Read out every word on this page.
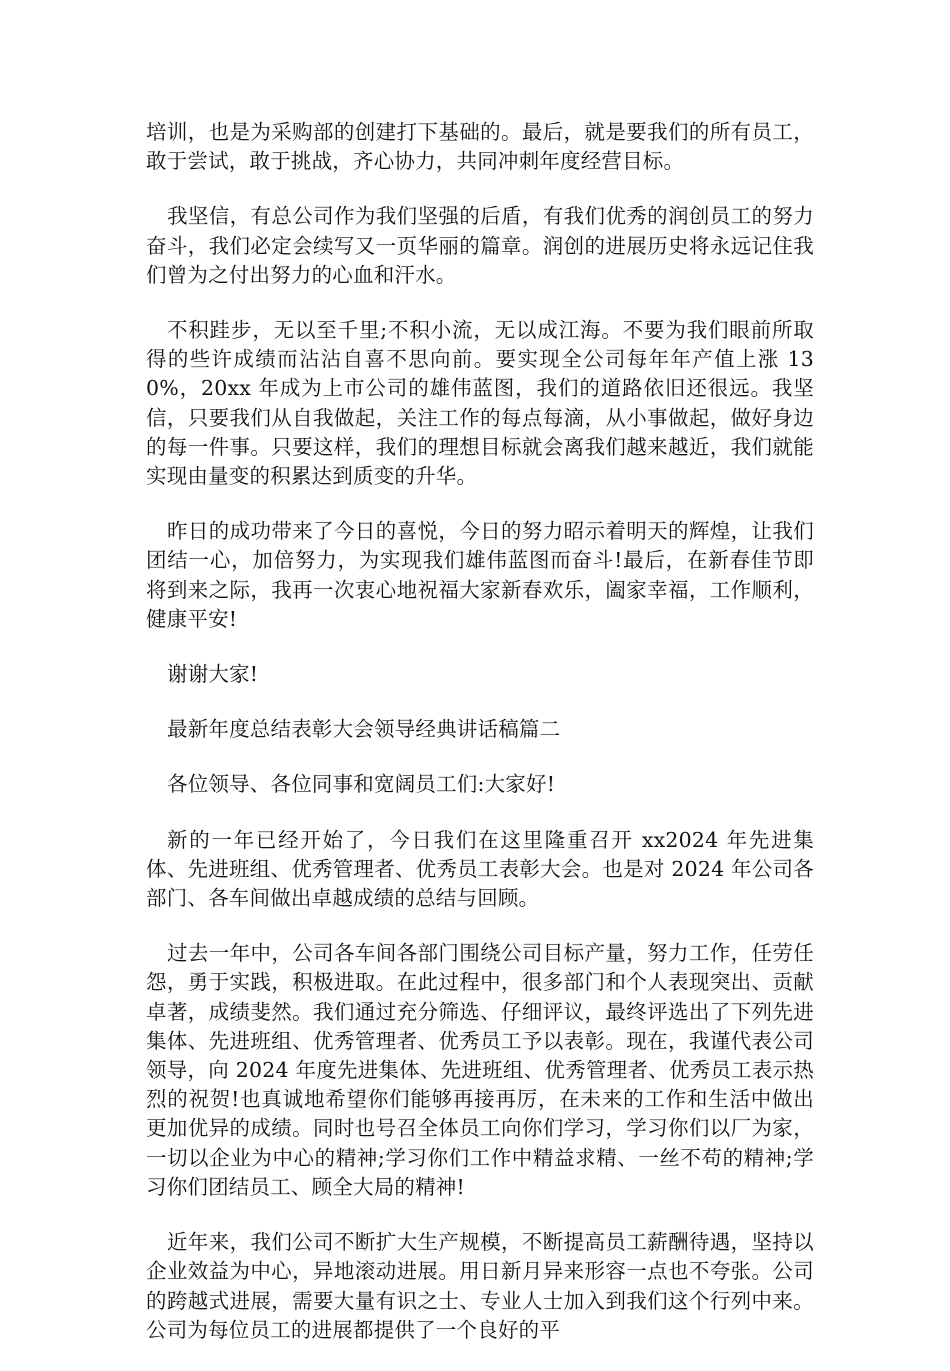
培训，也是为采购部的创建打下基础的。最后，就是要我们的所有员工，敢于尝试，敢于挑战，齐心协力，共同冲刺年度经营目标。

我坚信，有总公司作为我们坚强的后盾，有我们优秀的润创员工的努力奋斗，我们必定会续写又一页华丽的篇章。润创的进展历史将永远记住我们曾为之付出努力的心血和汗水。

不积跬步，无以至千里;不积小流，无以成江海。不要为我们眼前所取得的些许成绩而沾沾自喜不思向前。要实现全公司每年年产值上涨 130%，20xx 年成为上市公司的雄伟蓝图，我们的道路依旧还很远。我坚信，只要我们从自我做起，关注工作的每点每滴，从小事做起，做好身边的每一件事。只要这样，我们的理想目标就会离我们越来越近，我们就能实现由量变的积累达到质变的升华。

昨日的成功带来了今日的喜悦，今日的努力昭示着明天的辉煌，让我们团结一心，加倍努力，为实现我们雄伟蓝图而奋斗!最后，在新春佳节即将到来之际，我再一次衷心地祝福大家新春欢乐，阖家幸福，工作顺利，健康平安!

谢谢大家!

最新年度总结表彰大会领导经典讲话稿篇二

各位领导、各位同事和宽阔员工们:大家好!

新的一年已经开始了，今日我们在这里隆重召开 xx2024 年先进集体、先进班组、优秀管理者、优秀员工表彰大会。也是对 2024 年公司各部门、各车间做出卓越成绩的总结与回顾。

过去一年中，公司各车间各部门围绕公司目标产量，努力工作，任劳任怨，勇于实践，积极进取。在此过程中，很多部门和个人表现突出、贡献卓著，成绩斐然。我们通过充分筛选、仔细评议，最终评选出了下列先进集体、先进班组、优秀管理者、优秀员工予以表彰。现在，我谨代表公司领导，向 2024 年度先进集体、先进班组、优秀管理者、优秀员工表示热烈的祝贺!也真诚地希望你们能够再接再厉，在未来的工作和生活中做出更加优异的成绩。同时也号召全体员工向你们学习，学习你们以厂为家，一切以企业为中心的精神;学习你们工作中精益求精、一丝不苟的精神;学习你们团结员工、顾全大局的精神!

近年来，我们公司不断扩大生产规模，不断提高员工薪酬待遇，坚持以企业效益为中心，异地滚动进展。用日新月异来形容一点也不夸张。公司的跨越式进展，需要大量有识之士、专业人士加入到我们这个行列中来。公司为每位员工的进展都提供了一个良好的平
